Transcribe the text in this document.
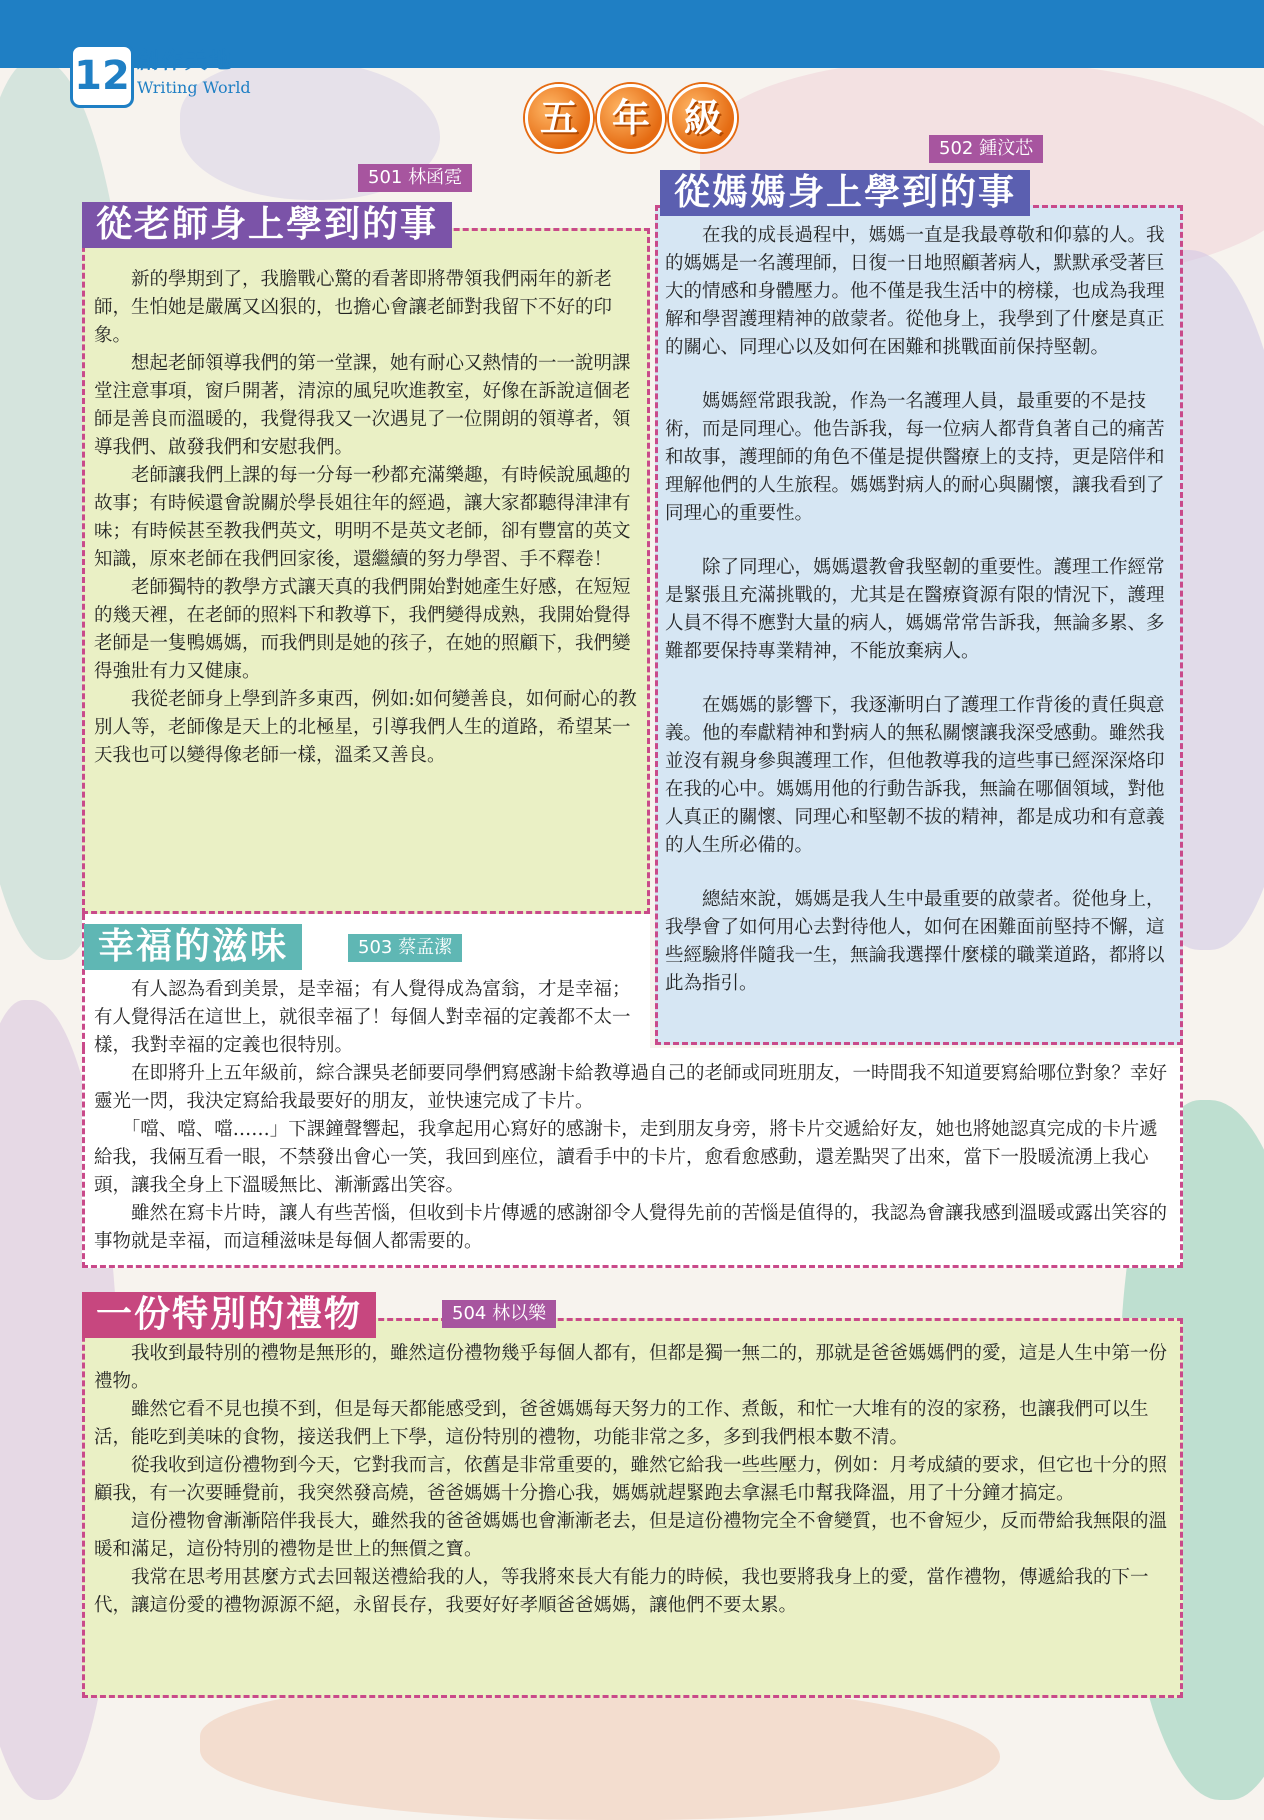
12 創作天地
Writing World
五 年 級
501 林函霓
從老師身上學到的事

　　新的學期到了，我膽戰心驚的看著即將帶領我們兩年的新老師，生怕她是嚴厲又凶狠的，也擔心會讓老師對我留下不好的印象。

　　想起老師領導我們的第一堂課，她有耐心又熱情的一一說明課堂注意事項，窗戶開著，清涼的風兒吹進教室，好像在訴說這個老師是善良而溫暖的，我覺得我又一次遇見了一位開朗的領導者，領導我們、啟發我們和安慰我們。

　　老師讓我們上課的每一分每一秒都充滿樂趣，有時候說風趣的故事；有時候還會說關於學長姐往年的經過，讓大家都聽得津津有味；有時候甚至教我們英文，明明不是英文老師，卻有豐富的英文知識，原來老師在我們回家後，還繼續的努力學習、手不釋卷！

　　老師獨特的教學方式讓天真的我們開始對她產生好感，在短短的幾天裡，在老師的照料下和教導下，我們變得成熟，我開始覺得老師是一隻鴨媽媽，而我們則是她的孩子，在她的照顧下，我們變得強壯有力又健康。

　　我從老師身上學到許多東西，例如:如何變善良，如何耐心的教別人等，老師像是天上的北極星，引導我們人生的道路，希望某一天我也可以變得像老師一樣，溫柔又善良。

502 鍾汶芯
從媽媽身上學到的事

　　在我的成長過程中，媽媽一直是我最尊敬和仰慕的人。我的媽媽是一名護理師，日復一日地照顧著病人，默默承受著巨大的情感和身體壓力。他不僅是我生活中的榜樣，也成為我理解和學習護理精神的啟蒙者。從他身上，我學到了什麼是真正的關心、同理心以及如何在困難和挑戰面前保持堅韌。

　　媽媽經常跟我說，作為一名護理人員，最重要的不是技術，而是同理心。他告訴我，每一位病人都背負著自己的痛苦和故事，護理師的角色不僅是提供醫療上的支持，更是陪伴和理解他們的人生旅程。媽媽對病人的耐心與關懷，讓我看到了同理心的重要性。

　　除了同理心，媽媽還教會我堅韌的重要性。護理工作經常是緊張且充滿挑戰的，尤其是在醫療資源有限的情況下，護理人員不得不應對大量的病人，媽媽常常告訴我，無論多累、多難都要保持專業精神，不能放棄病人。

　　在媽媽的影響下，我逐漸明白了護理工作背後的責任與意義。他的奉獻精神和對病人的無私關懷讓我深受感動。雖然我並沒有親身參與護理工作，但他教導我的這些事已經深深烙印在我的心中。媽媽用他的行動告訴我，無論在哪個領域，對他人真正的關懷、同理心和堅韌不拔的精神，都是成功和有意義的人生所必備的。

　　總結來說，媽媽是我人生中最重要的啟蒙者。從他身上，我學會了如何用心去對待他人，如何在困難面前堅持不懈，這些經驗將伴隨我一生，無論我選擇什麼樣的職業道路，都將以此為指引。

幸福的滋味	503 蔡孟潔

　　有人認為看到美景，是幸福；有人覺得成為富翁，才是幸福；有人覺得活在這世上，就很幸福了！每個人對幸福的定義都不太一樣，我對幸福的定義也很特別。

　　在即將升上五年級前，綜合課吳老師要同學們寫感謝卡給教導過自己的老師或同班朋友，一時間我不知道要寫給哪位對象？幸好靈光一閃，我決定寫給我最要好的朋友，並快速完成了卡片。

　　「噹、噹、噹……」下課鐘聲響起，我拿起用心寫好的感謝卡，走到朋友身旁，將卡片交遞給好友，她也將她認真完成的卡片遞給我，我倆互看一眼，不禁發出會心一笑，我回到座位，讀看手中的卡片，愈看愈感動，還差點哭了出來，當下一股暖流湧上我心頭，讓我全身上下溫暖無比、漸漸露出笑容。

　　雖然在寫卡片時，讓人有些苦惱，但收到卡片傳遞的感謝卻令人覺得先前的苦惱是值得的，我認為會讓我感到溫暖或露出笑容的事物就是幸福，而這種滋味是每個人都需要的。

一份特別的禮物	504 林以樂

　　我收到最特別的禮物是無形的，雖然這份禮物幾乎每個人都有，但都是獨一無二的，那就是爸爸媽媽們的愛，這是人生中第一份禮物。

　　雖然它看不見也摸不到，但是每天都能感受到，爸爸媽媽每天努力的工作、煮飯，和忙一大堆有的沒的家務，也讓我們可以生活，能吃到美味的食物，接送我們上下學，這份特別的禮物，功能非常之多，多到我們根本數不清。

　　從我收到這份禮物到今天，它對我而言，依舊是非常重要的，雖然它給我一些些壓力，例如：月考成績的要求，但它也十分的照顧我，有一次要睡覺前，我突然發高燒，爸爸媽媽十分擔心我，媽媽就趕緊跑去拿濕毛巾幫我降溫，用了十分鐘才搞定。

　　這份禮物會漸漸陪伴我長大，雖然我的爸爸媽媽也會漸漸老去，但是這份禮物完全不會變質，也不會短少，反而帶給我無限的溫暖和滿足，這份特別的禮物是世上的無價之寶。

　　我常在思考用甚麼方式去回報送禮給我的人，等我將來長大有能力的時候，我也要將我身上的愛，當作禮物，傳遞給我的下一代，讓這份愛的禮物源源不絕，永留長存，我要好好孝順爸爸媽媽，讓他們不要太累。
